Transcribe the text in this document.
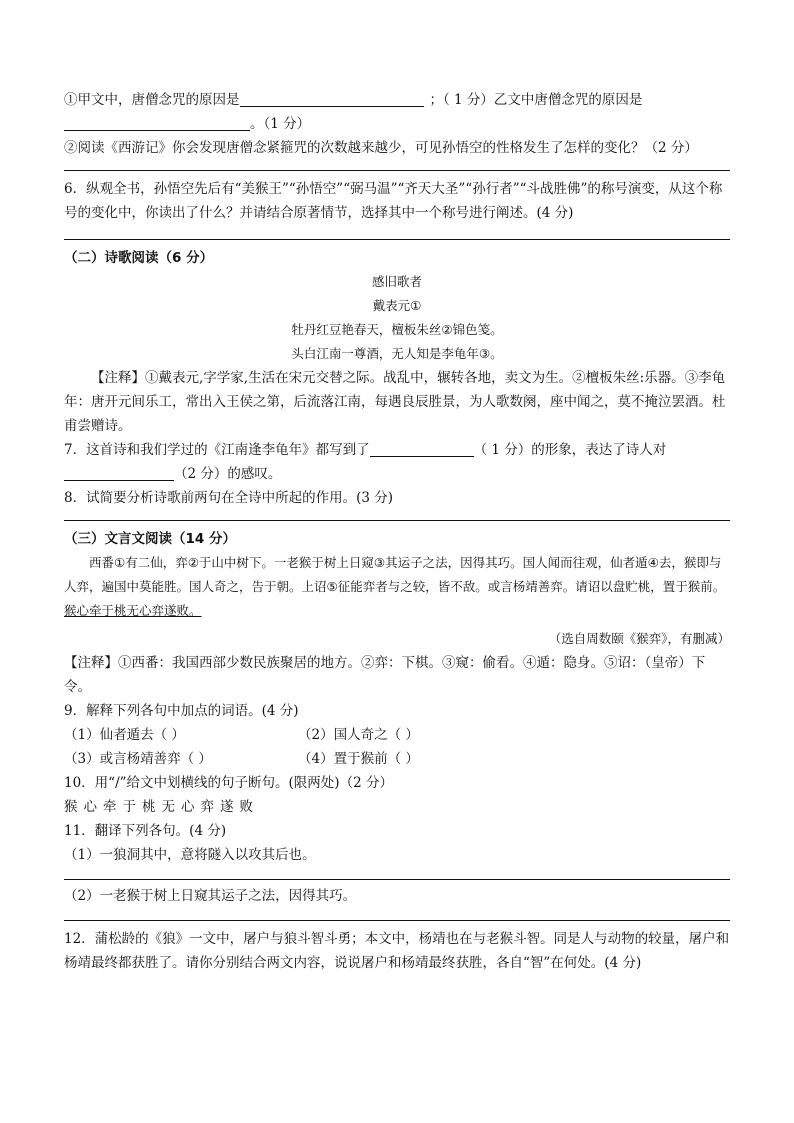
①甲文中，唐僧念咒的原因是	；（ 1 分）乙文中唐僧念咒的原因是
。（1 分）
②阅读《西游记》你会发现唐僧念紧箍咒的次数越来越少，可见孙悟空的性格发生了怎样的变化？（2 分）
6．纵观全书，孙悟空先后有“美猴王”“孙悟空”“弼马温”“齐天大圣”“孙行者”“斗战胜佛”的称号演变，从这个称号的变化中，你读出了什么？并请结合原著情节，选择其中一个称号进行阐述。(4 分)
（二）诗歌阅读（6 分）
感旧歌者
戴表元①
牡丹红豆艳春天，檀板朱丝②锦色笺。
头白江南一尊酒，无人知是李龟年③。
【注释】①戴表元,字学家,生活在宋元交替之际。战乱中，辗转各地，卖文为生。②檀板朱丝:乐器。③李龟年：唐开元间乐工，常出入王侯之第，后流落江南，每遇良辰胜景，为人歌数阕，座中闻之，莫不掩泣罢酒。杜甫尝赠诗。
7．这首诗和我们学过的《江南逢李龟年》都写到了	（ 1 分）的形象，表达了诗人对
（2 分）的感叹。
8．试简要分析诗歌前两句在全诗中所起的作用。(3 分)
（三）文言文阅读（14 分）
西番①有二仙，弈②于山中树下。一老猴于树上日窥③其运子之法，因得其巧。国人闻而往观，仙者遁④去，猴即与人弈，遍国中莫能胜。国人奇之，告于朝。上诏⑤征能弈者与之较，皆不敌。或言杨靖善弈。请诏以盘贮桃，置于猴前。猴心牵于桃无心弈遂败。
（选自周数颐《猴弈》，有删减）
【注释】①西番：我国西部少数民族聚居的地方。②弈：下棋。③窥：偷看。④遁：隐身。⑤诏：（皇帝）下令。
9．解释下列各句中加点的词语。(4 分)
（1）仙者遁去（ ）	（2）国人奇之（ ）
（3）或言杨靖善弈（ ）	（4）置于猴前（ ）
10．用“/”给文中划横线的句子断句。(限两处)（2 分）
猴心牵于桃无心弈遂败
11．翻译下列各句。(4 分)
（1）一狼洞其中，意将隧入以攻其后也。
（2）一老猴于树上日窥其运子之法，因得其巧。
12．蒲松龄的《狼》一文中，屠户与狼斗智斗勇；本文中，杨靖也在与老猴斗智。同是人与动物的较量，屠户和杨靖最终都获胜了。请你分别结合两文内容，说说屠户和杨靖最终获胜，各自“智”在何处。(4 分)
